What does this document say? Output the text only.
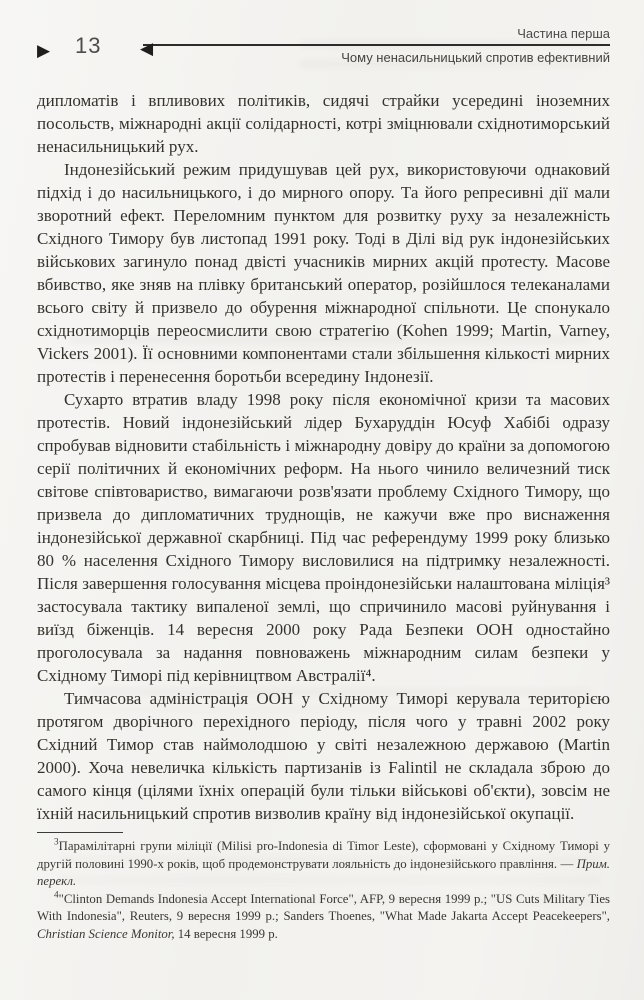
▶ 13 ◀
Частина перша
Чому ненасильницький спротив ефективний

дипломатів і впливових політиків, сидячі страйки усередині іноземних посольств, міжнародні акції солідарності, котрі зміцнювали східнотиморський ненасильницький рух.

Індонезійський режим придушував цей рух, використовуючи однаковий підхід і до насильницького, і до мирного опору. Та його репресивні дії мали зворотний ефект. Переломним пунктом для розвитку руху за незалежність Східного Тимору був листопад 1991 року. Тоді в Ділі від рук індонезійських військових загинуло понад двісті учасників мирних акцій протесту. Масове вбивство, яке зняв на плівку британський оператор, розійшлося телеканалами всього світу й призвело до обурення міжнародної спільноти. Це спонукало східнотиморців переосмислити свою стратегію (Kohen 1999; Martin, Varney, Vickers 2001). Її основними компонентами стали збільшення кількості мирних протестів і перенесення боротьби всередину Індонезії.

Сухарто втратив владу 1998 року після економічної кризи та масових протестів. Новий індонезійський лідер Бухаруддін Юсуф Хабібі одразу спробував відновити стабільність і міжнародну довіру до країни за допомогою серії політичних й економічних реформ. На нього чинило величезний тиск світове співтовариство, вимагаючи розв'язати проблему Східного Тимору, що призвела до дипломатичних труднощів, не кажучи вже про виснаження індонезійської державної скарбниці. Під час референдуму 1999 року близько 80 % населення Східного Тимору висловилися на підтримку незалежності. Після завершення голосування місцева проіндонезійськи налаштована міліція³ застосувала тактику випаленої землі, що спричинило масові руйнування і виїзд біженців. 14 вересня 2000 року Рада Безпеки ООН одностайно проголосувала за надання повноважень міжнародним силам безпеки у Східному Тиморі під керівництвом Австралії⁴.

Тимчасова адміністрація ООН у Східному Тиморі керувала територією протягом дворічного перехідного періоду, після чого у травні 2002 року Східний Тимор став наймолодшою у світі незалежною державою (Martin 2000). Хоча невеличка кількість партизанів із Falintil не складала зброю до самого кінця (цілями їхніх операцій були тільки військові об'єкти), зовсім не їхній насильницький спротив визволив країну від індонезійської окупації.

$^3$Парамілітарні групи міліції (Milisi pro-Indonesia di Timor Leste), сформовані у Східному Тиморі у другій половині 1990-х років, щоб продемонструвати лояльність до індонезійського правління. — Прим. перекл.

$^4$"Clinton Demands Indonesia Accept International Force", AFP, 9 вересня 1999 р.; "US Cuts Military Ties With Indonesia", Reuters, 9 вересня 1999 р.; Sanders Thoenes, "What Made Jakarta Accept Peacekeepers", Christian Science Monitor, 14 вересня 1999 р.
